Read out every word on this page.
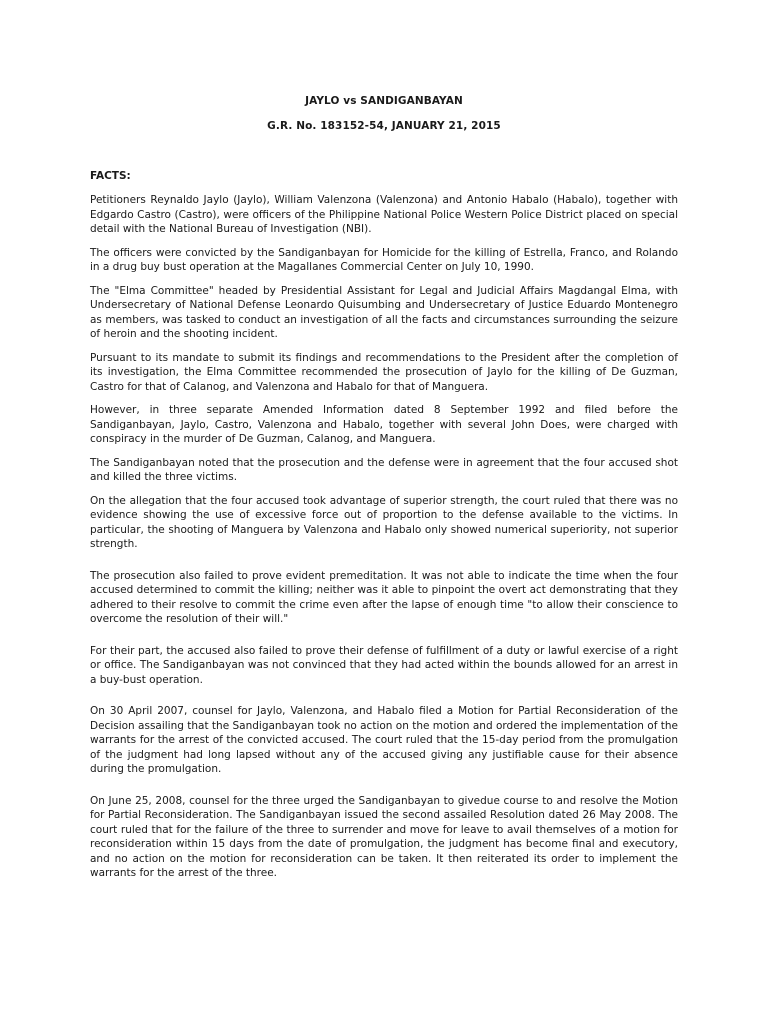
JAYLO vs SANDIGANBAYAN
G.R. No. 183152-54, JANUARY 21, 2015
FACTS:

Petitioners Reynaldo Jaylo (Jaylo), William Valenzona (Valenzona) and Antonio Habalo (Habalo), together with Edgardo Castro (Castro), were officers of the Philippine National Police Western Police District placed on special detail with the National Bureau of Investigation (NBI).

The officers were convicted by the Sandiganbayan for Homicide for the killing of Estrella, Franco, and Rolando in a drug buy bust operation at the Magallanes Commercial Center on July 10, 1990.

The "Elma Committee" headed by Presidential Assistant for Legal and Judicial Affairs Magdangal Elma, with Undersecretary of National Defense Leonardo Quisumbing and Undersecretary of Justice Eduardo Montenegro as members, was tasked to conduct an investigation of all the facts and circumstances surrounding the seizure of heroin and the shooting incident.

Pursuant to its mandate to submit its findings and recommendations to the President after the completion of its investigation, the Elma Committee recommended the prosecution of Jaylo for the killing of De Guzman, Castro for that of Calanog, and Valenzona and Habalo for that of Manguera.

However, in three separate Amended Information dated 8 September 1992 and filed before the Sandiganbayan, Jaylo, Castro, Valenzona and Habalo, together with several John Does, were charged with conspiracy in the murder of De Guzman, Calanog, and Manguera.

The Sandiganbayan noted that the prosecution and the defense were in agreement that the four accused shot and killed the three victims.

On the allegation that the four accused took advantage of superior strength, the court ruled that there was no evidence showing the use of excessive force out of proportion to the defense available to the victims. In particular, the shooting of Manguera by Valenzona and Habalo only showed numerical superiority, not superior strength.

The prosecution also failed to prove evident premeditation. It was not able to indicate the time when the four accused determined to commit the killing; neither was it able to pinpoint the overt act demonstrating that they adhered to their resolve to commit the crime even after the lapse of enough time "to allow their conscience to overcome the resolution of their will."

For their part, the accused also failed to prove their defense of fulfillment of a duty or lawful exercise of a right or office. The Sandiganbayan was not convinced that they had acted within the bounds allowed for an arrest in a buy-bust operation.

On 30 April 2007, counsel for Jaylo, Valenzona, and Habalo filed a Motion for Partial Reconsideration of the Decision assailing that the Sandiganbayan took no action on the motion and ordered the implementation of the warrants for the arrest of the convicted accused. The court ruled that the 15-day period from the promulgation of the judgment had long lapsed without any of the accused giving any justifiable cause for their absence during the promulgation.

On June 25, 2008, counsel for the three urged the Sandiganbayan to givedue course to and resolve the Motion for Partial Reconsideration. The Sandiganbayan issued the second assailed Resolution dated 26 May 2008. The court ruled that for the failure of the three to surrender and move for leave to avail themselves of a motion for reconsideration within 15 days from the date of promulgation, the judgment has become final and executory, and no action on the motion for reconsideration can be taken. It then reiterated its order to implement the warrants for the arrest of the three.
